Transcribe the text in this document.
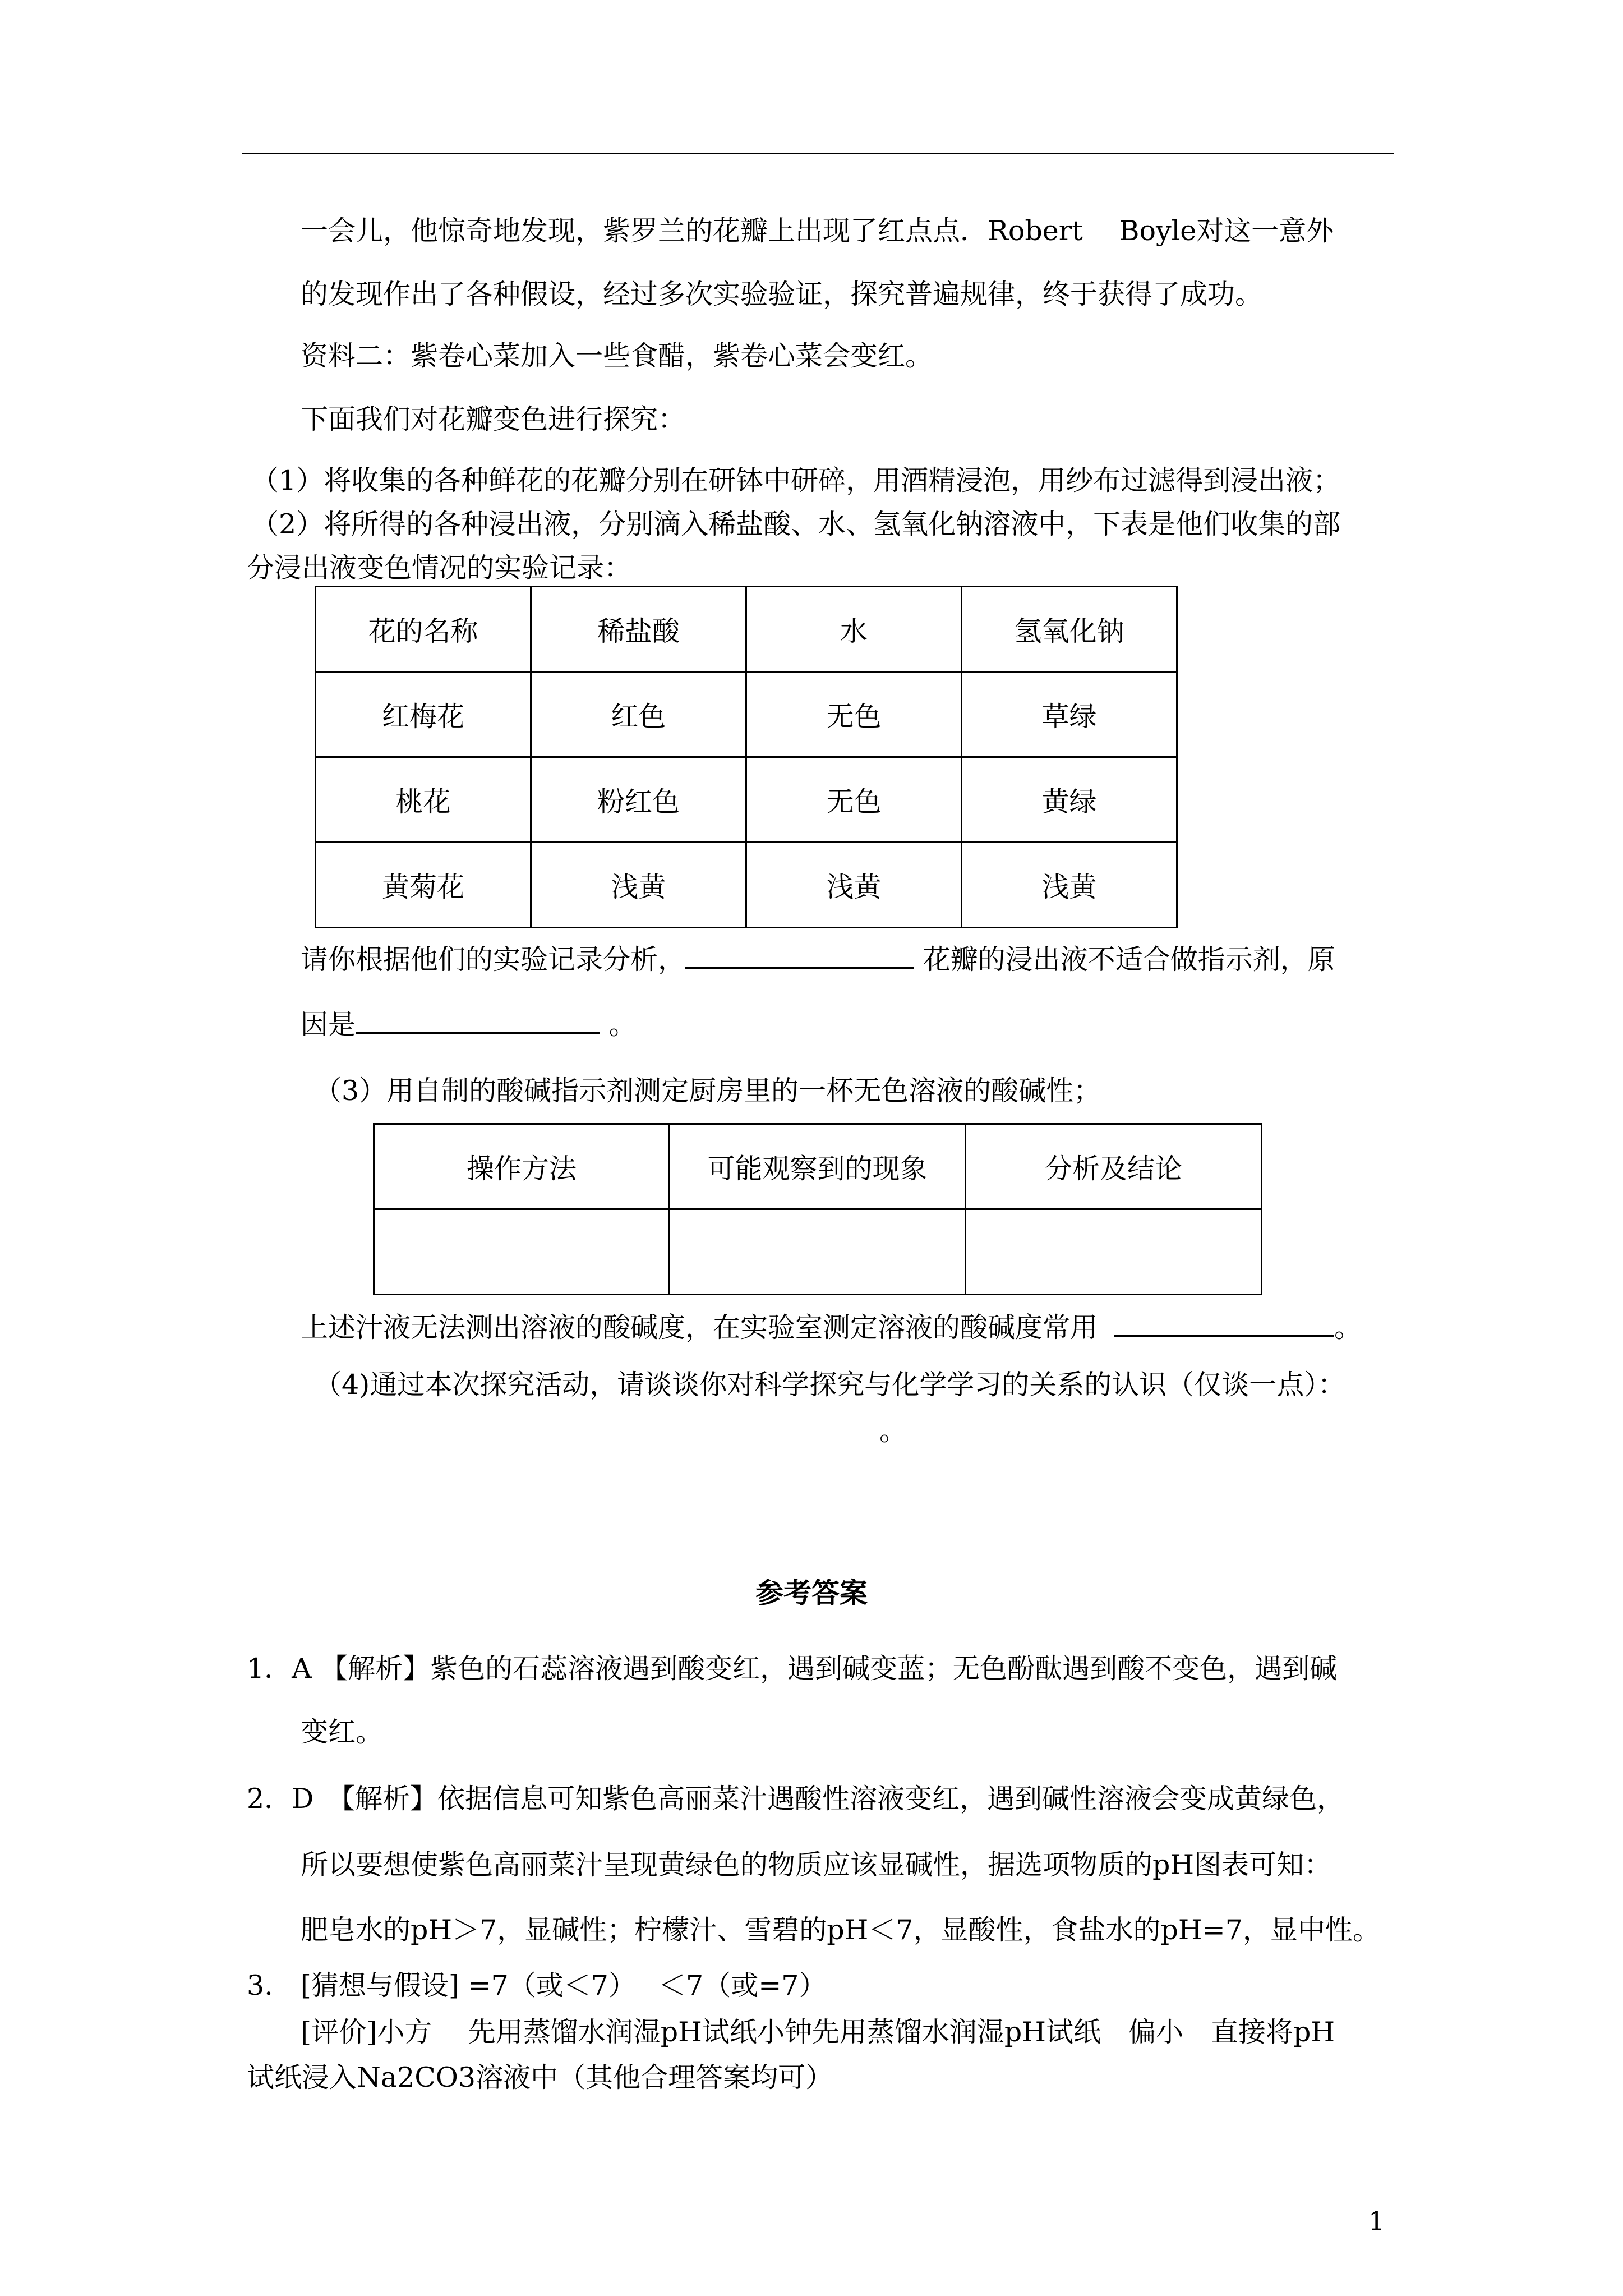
一会儿，他惊奇地发现，紫罗兰的花瓣上出现了红点点．Robert　 Boyle对这一意外
的发现作出了各种假设，经过多次实验验证，探究普遍规律，终于获得了成功。
资料二：紫卷心菜加入一些食醋，紫卷心菜会变红。
下面我们对花瓣变色进行探究：
（1）将收集的各种鲜花的花瓣分别在研钵中研碎，用酒精浸泡，用纱布过滤得到浸出液；
（2）将所得的各种浸出液，分别滴入稀盐酸、水、氢氧化钠溶液中，下表是他们收集的部
分浸出液变色情况的实验记录：
花的名称	稀盐酸	水	氢氧化钠
红梅花	红色	无色	草绿
桃花	粉红色	无色	黄绿
黄菊花	浅黄	浅黄	浅黄
请你根据他们的实验记录分析，	花瓣的浸出液不适合做指示剂，原
因是	。
（3）用自制的酸碱指示剂测定厨房里的一杯无色溶液的酸碱性；
操作方法	可能观察到的现象	分析及结论

上述汁液无法测出溶液的酸碱度，在实验室测定溶液的酸碱度常用	。
（4)通过本次探究活动，请谈谈你对科学探究与化学学习的关系的认识（仅谈一点）：
。
参考答案
1．A 【解析】紫色的石蕊溶液遇到酸变红，遇到碱变蓝；无色酚酞遇到酸不变色，遇到碱
变红。
2．D　【解析】依据信息可知紫色高丽菜汁遇酸性溶液变红，遇到碱性溶液会变成黄绿色，
所以要想使紫色高丽菜汁呈现黄绿色的物质应该显碱性，据选项物质的pH图表可知：
肥皂水的pH＞7，显碱性；柠檬汁、雪碧的pH＜7，显酸性，食盐水的pH=7，显中性。
3.　[猜想与假设] =7（或＜7）　 ＜7（或=7）
[评价]小方　 先用蒸馏水润湿pH试纸小钟先用蒸馏水润湿pH试纸　偏小　直接将pH
试纸浸入Na2CO3溶液中（其他合理答案均可）
1
